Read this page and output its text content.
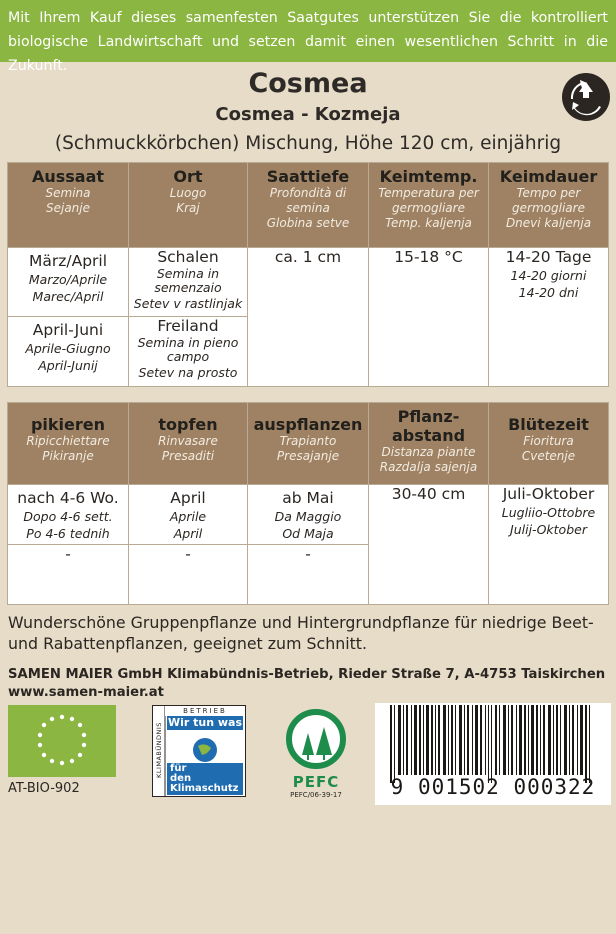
Mit Ihrem Kauf dieses samenfesten Saatgutes unterstützen Sie die kontrolliert
biologische Landwirtschaft und setzen damit einen wesentlichen Schritt in die Zukunft.
Cosmea
Cosmea - Kozmeja
(Schmuckkörbchen) Mischung, Höhe 120 cm, einjährig
Aussaat
Semina
Sejanje	Ort
Luogo
Kraj	Saattiefe
Profondità di semina
Globina setve	Keimtemp.
Temperatura per germogliare
Temp. kaljenja	Keimdauer
Tempo per germogliare
Dnevi kaljenja

März/April
Marzo/Aprile
Marec/April	Schalen
Semina in semenzaio
Setev v rastlinjak	ca. 1 cm	15-18 °C	14-20 Tage
14-20 giorni
14-20 dni

April-Juni
Aprile-Giugno
April-Junij	Freiland
Semina in pieno campo
Setev na prosto			
pikieren
Ripicchiettare
Pikiranje	topfen
Rinvasare
Presaditi	auspflanzen
Trapianto
Presajanje	Pflanz-
abstand
Distanza piante
Razdalja sajenja	Blütezeit
Fioritura
Cvetenje

nach 4-6 Wo.
Dopo 4-6 sett.
Po 4-6 tednih	April
Aprile
April	ab Mai
Da Maggio
Od Maja	30-40 cm	Juli-Oktober
Lugliio-Ottobre
Julij-Oktober

-	-	-		
Wunderschöne Gruppenpflanze und Hintergrundpflanze für niedrige Beet- und Rabattenpflanzen, geeignet zum Schnitt.
SAMEN MAIER GmbH Klimabündnis-Betrieb, Rieder Straße 7, A-4753 Taiskirchen
www.samen-maier.at
AT-BIO-902
KLIMABÜNDNIS
BETRIEB
Wir tun was
für
den
Klimaschutz	PEFC
PEFC/06-39-17	9 001502 000322
